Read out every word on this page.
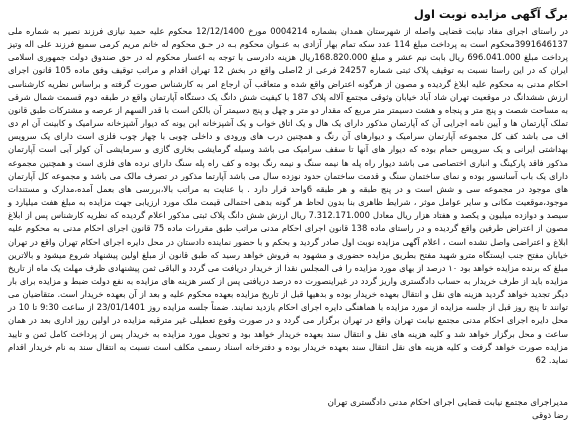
برگ آگهی مزایده نوبت اول
در راستای اجرای مفاد نیابت قضایی واصله از شهرستان همدان بشماره 0004214 مورخ 12/12/1400 محکوم علیه حمید نیازی فرزند نصیر به شماره ملی 3991646137محکوم است به پرداخت مبلغ 114 عدد سکه تمام بهار آزادی به عنـوان محکوم بـه در حـق محکوم له خانم مریم کرمی سمیع فرزند علی اله وتیز پرداخت مبلغ 696.041.000 ریال بابت نیم عشر و مبلغ 168.820.000ریال هزینه دادرسی با توجه به اعسار محکوم له در حق صندوق دولت جمهوری اسلامی ایران که در این راستا نسبت به توقیف پلاک ثبتی شماره 24257 فرعی از 2اصلی واقع در بخش 12 تهران اقدام و مراتب توقیف وفق ماده 105 قانون اجرای احکام مدنی به محکوم علیه ابلاغ گردیده و مصون از هرگونه اعتراض واقع شده و متعاقب آن ارجاع امر به کارشناس صورت گرفته و براساس نظریه کارشناسی ارزش ششدانگ در موقعیت تهران شاد آباد خیابان وثوقی مجتمع آلاله پلاک 187 با کیفیت شش دانگ یک دستگاه آپارتمان واقع در طبقه دوم قسمت شمال شرقی به مساحت شصت و پنج متر و پنجاه و هشت دسیمتر متر مربع که مقدار دو متر و چهل و پنج دسیمتر آن بالکن است با قدر السهم از عرصه و مشترکات طبق قانون تملک آپارتمان ها و آیین نامه اجرایی آن که آپارتمان مذکور دارای یک هال و یک اتاق خواب و یک آشپزخانه این یونه که دیوار آشپزخانه سرامیک و کابینت آن ام دی اف می باشد کف کل مجموعه آپارتمان سرامیک و دیوارهای آن رنگ و همچنین درب های ورودی و داخلی چوبی با چهار چوب فلزی است دارای یک سرویس بهداشتی ایرانی و یک سرویس حمام بوده که دیوار های آنها تا سقف سرامیک می باشد وسیله گرمایشی بخاری گازی و سرمایشی آن کولر آبی است آپارتمان مذکور فاقد پارکینگ و انباری اختصاصی می باشد دیوار راه پله ها نیمه سنگ و نیمه رنگ بوده و کف راه پله سنگ دارای نرده های فلزی است و همچنین مجموعه دارای یک باب آسانسور بوده و نمای ساختمان سنگ و قدمت ساختمان حدود نوزده سال می باشد آپارتما مذکور در تصرف مالک می باشد و مجموعه کل آپارتمان های موجود در مجموعه سی و شش است و در پنج طبقه و هر طبقه 6واحد قرار دارد . با عنایت به مراتب بالا،بررسی های بعمل آمده،مدارک و مستندات موجود،موقعیت مکانی و سایر عوامل موثر ، شرایط ظاهری بنا بدون لحاظ هر گونه بدهی احتمالی قیمت ملک مورد ارزیابی جهت مزایده به مبلغ هفت میلیارد و سیصد و دوازده میلیون و یکصد و هفتاد هزار ریال معادل 7.312.171.000 ریال ارزش شش دانگ پلاک ثبتی مذکور اعلام گردیده که نظریه کارشناس پس از ابلاغ مصون از اعتراض طرفین واقع گردیده و در راستای ماده 138 قانون اجرای احکام مدنی مراتب طبق مقررات ماده 75 قانون اجرای احکام مدنی به محکوم علیه ابلاغ و اعتراضی واصل نشده است ، اعلام آگهی مزایده نوبت اول صادر گردید و بحکم و با حضور نماینده دادستان در محل دایره اجرای احکام تهران واقع در تهران خیابان مفتح جنب ایستگاه مترو شهید مفتح بطریق مزایده حضوری و مشهود به فروش خواهد رسید که طبق قانون از مبلغ اولین پیشنهاد شروع میشود و بالاترین مبلغ که برنده مزایده خواهد بود ۱۰ درصد از بهای مورد مزایده را فی المجلس نقدا از خریدار دریافت می گردد و الباقی ثمن پیشنهادی ظرف مهلت یک ماه از تاریخ مزایده باید از طرف خریدار به حساب دادگستری واریز گردد در غیراینصورت ده درصد دریافتی پس از کسر هزینه های مزایده به نفع دولت ضبط و مزایده برای بار دیگر تجدید خواهد گردید هزینه های نقل و انتقال بعهده خریدار بوده و بدهیها قبل از تاریخ مزایده بعهده محکوم علیه و بعد از آن بعهده خریدار است. متقاضیان می توانند تا پنج روز قبل از جلسه مزایده از مورد مزایده با هماهنگی دایره اجرای احکام بازدید نمایند. ضمناً جلسه مزایده روز 23/01/1401 از ساعت 9:30 تا 10 در محل دایره اجرای احکام مدنی مجتمع نیابت تهران واقع در تهران برگزار می گردد و در صورت وقوع تعطیلی غیر مترقبه مزایده در اولین روز اداری بعد در همان ساعت و محل برگزار خواهد شد و کلیه هزینه های نقل و انتقال سند بعهده خریدار خواهد بود و تحویل مورد مزایده به خریدار پس از پرداخت کامل ثمن و تایید مزایده صورت خواهد گرفت و کلیه هزینه های نقل انتقال سند بعهده خریدار بوده و دفترخانه اسناد رسمی مکلف است نسبت به انتقال سند به نام خریدار اقدام نماید. 62
مدیراجرای مجتمع نیابت قضایی اجرای احکام مدنی دادگستری تهران
رضا ذوقی
